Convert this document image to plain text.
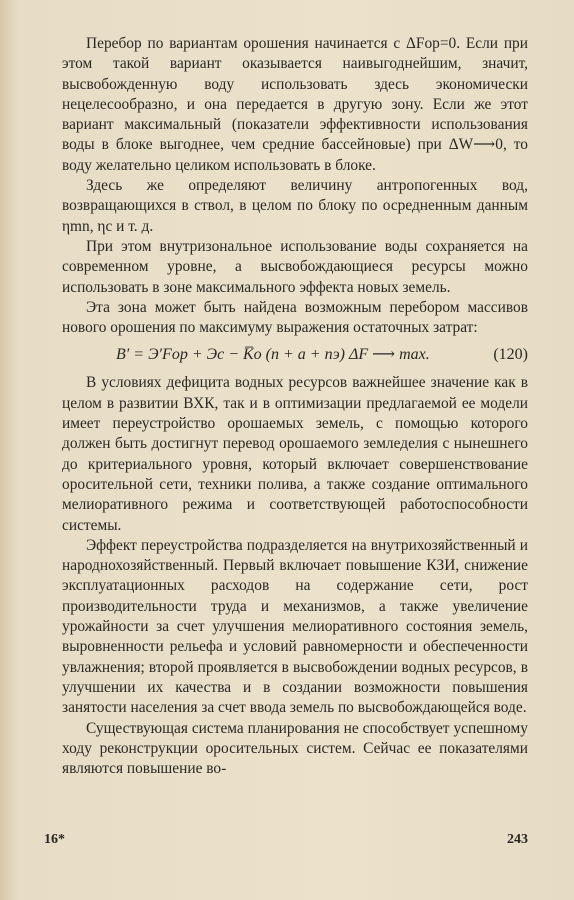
Перебор по вариантам орошения начинается с ΔFор=0. Если при этом такой вариант оказывается наивыгоднейшим, значит, высвобожденную воду использовать здесь экономически нецелесообразно, и она передается в другую зону. Если же этот вариант максимальный (показатели эффективности использования воды в блоке выгоднее, чем средние бассейновые) при ΔW⟶0, то воду желательно целиком использовать в блоке.

Здесь же определяют величину антропогенных вод, возвращающихся в ствол, в целом по блоку по осредненным данным ηmn, ηc и т. д.

При этом внутризональное использование воды сохраняется на современном уровне, а высвобождающиеся ресурсы можно использовать в зоне максимального эффекта новых земель.

Эта зона может быть найдена возможным перебором массивов нового орошения по максимуму выражения остаточных затрат:

B′ = Э′Fор + Эс − K̅о (n + a + nэ) ΔF ⟶ max.	(120)

В условиях дефицита водных ресурсов важнейшее значение как в целом в развитии ВХК, так и в оптимизации предлагаемой ее модели имеет переустройство орошаемых земель, с помощью которого должен быть достигнут перевод орошаемого земледелия с нынешнего до критериального уровня, который включает совершенствование оросительной сети, техники полива, а также создание оптимального мелиоративного режима и соответствующей работоспособности системы.

Эффект переустройства подразделяется на внутрихозяйственный и народнохозяйственный. Первый включает повышение КЗИ, снижение эксплуатационных расходов на содержание сети, рост производительности труда и механизмов, а также увеличение урожайности за счет улучшения мелиоративного состояния земель, выровненности рельефа и условий равномерности и обеспеченности увлажнения; второй проявляется в высвобождении водных ресурсов, в улучшении их качества и в создании возможности повышения занятости населения за счет ввода земель по высвобождающейся воде.

Существующая система планирования не способствует успешному ходу реконструкции оросительных систем. Сейчас ее показателями являются повышение во-

16*	243
